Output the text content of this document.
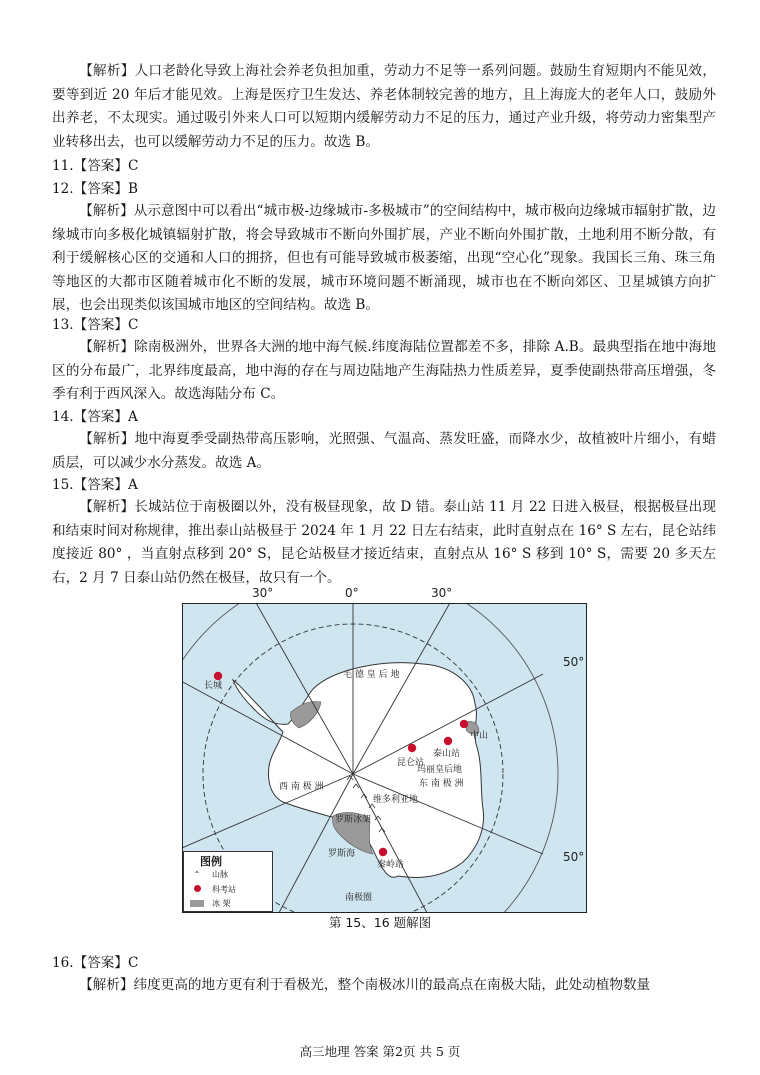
【解析】人口老龄化导致上海社会养老负担加重，劳动力不足等一系列问题。鼓励生育短期内不能见效，要等到近 20 年后才能见效。上海是医疗卫生发达、养老体制较完善的地方，且上海庞大的老年人口，鼓励外出养老，不太现实。通过吸引外来人口可以短期内缓解劳动力不足的压力，通过产业升级，将劳动力密集型产业转移出去，也可以缓解劳动力不足的压力。故选 B。

11.【答案】C

12.【答案】B

【解析】从示意图中可以看出“城市极-边缘城市-多极城市”的空间结构中，城市极向边缘城市辐射扩散，边缘城市向多极化城镇辐射扩散，将会导致城市不断向外围扩展，产业不断向外围扩散，土地利用不断分散，有利于缓解核心区的交通和人口的拥挤，但也有可能导致城市极萎缩，出现“空心化”现象。我国长三角、珠三角等地区的大都市区随着城市化不断的发展，城市环境问题不断涌现，城市也在不断向郊区、卫星城镇方向扩展，也会出现类似该国城市地区的空间结构。故选 B。

13.【答案】C

【解析】除南极洲外，世界各大洲的地中海气候.纬度海陆位置都差不多，排除 A.B。最典型指在地中海地区的分布最广，北界纬度最高，地中海的存在与周边陆地产生海陆热力性质差异，夏季使副热带高压增强，冬季有利于西风深入。故选海陆分布 C。

14.【答案】A

【解析】地中海夏季受副热带高压影响，光照强、气温高、蒸发旺盛，而降水少，故植被叶片细小，有蜡质层，可以减少水分蒸发。故选 A。

15.【答案】A

【解析】长城站位于南极圈以外，没有极昼现象，故 D 错。泰山站 11 月 22 日进入极昼，根据极昼出现和结束时间对称规律，推出泰山站极昼于 2024 年 1 月 22 日左右结束，此时直射点在 16° S 左右，昆仑站纬度接近 80° ，当直射点移到 20° S，昆仑站极昼才接近结束，直射点从 16° S 移到 10° S，需要 20 多天左右，2 月 7 日泰山站仍然在极昼，故只有一个。

30°	0°	30°
长城
昆仑站
泰山站
中山
秦岭站
毛 德 皇 后 地
西 南 极 洲	东 南 极 洲
玛丽皇后地
维多利亚地
罗斯冰架
罗斯海
南极圈
50°
50°
图例
⌃ 山脉
科考站
冰 架
第 15、16 题解图

16.【答案】C

【解析】纬度更高的地方更有利于看极光，整个南极冰川的最高点在南极大陆，此处动植物数量

高三地理 答案 第2页 共 5 页
